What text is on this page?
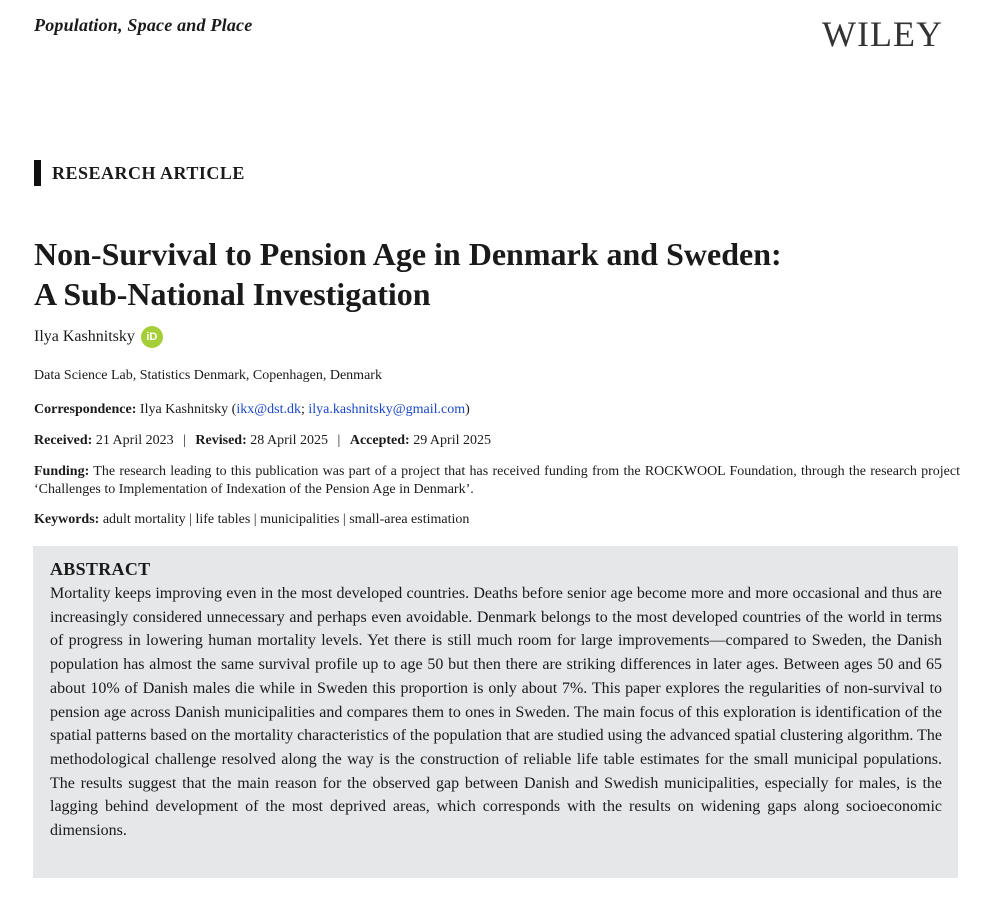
Population, Space and Place	WILEY
RESEARCH ARTICLE
Non-Survival to Pension Age in Denmark and Sweden:
A Sub-National Investigation
Ilya Kashnitsky	iD
Data Science Lab, Statistics Denmark, Copenhagen, Denmark
Correspondence: Ilya Kashnitsky (ikx@dst.dk; ilya.kashnitsky@gmail.com)
Received: 21 April 2023 | Revised: 28 April 2025 | Accepted: 29 April 2025
Funding: The research leading to this publication was part of a project that has received funding from the ROCKWOOL Foundation, through the research project ‘Challenges to Implementation of Indexation of the Pension Age in Denmark’.
Keywords: adult mortality | life tables | municipalities | small-area estimation
ABSTRACT

Mortality keeps improving even in the most developed countries. Deaths before senior age become more and more occasional and thus are increasingly considered unnecessary and perhaps even avoidable. Denmark belongs to the most developed countries of the world in terms of progress in lowering human mortality levels. Yet there is still much room for large improvements—compared to Sweden, the Danish population has almost the same survival profile up to age 50 but then there are striking differences in later ages. Between ages 50 and 65 about 10% of Danish males die while in Sweden this proportion is only about 7%. This paper explores the regularities of non-survival to pension age across Danish municipalities and compares them to ones in Sweden. The main focus of this exploration is identification of the spatial patterns based on the mortality characteristics of the population that are studied using the advanced spatial clustering algorithm. The methodological challenge resolved along the way is the construction of reliable life table estimates for the small municipal populations. The results suggest that the main reason for the observed gap between Danish and Swedish municipalities, especially for males, is the lagging behind development of the most deprived areas, which corresponds with the results on widening gaps along socioeconomic dimensions.
